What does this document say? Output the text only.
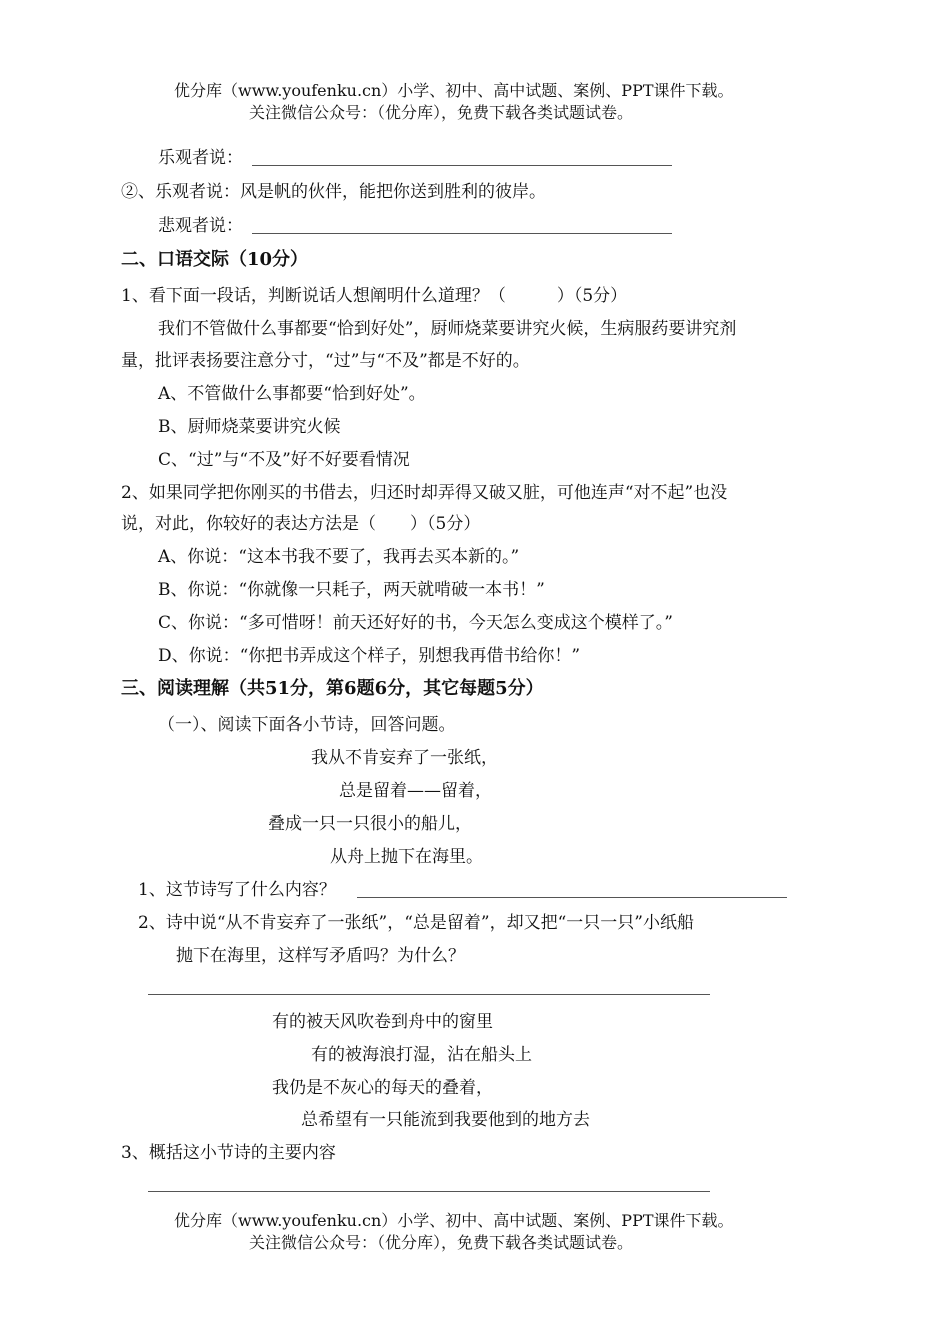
优分库（www.youfenku.cn）小学、初中、高中试题、案例、PPT课件下载。
关注微信公众号：（优分库），免费下载各类试题试卷。
乐观者说：
②、乐观者说：风是帆的伙伴，能把你送到胜利的彼岸。
悲观者说：
二、口语交际（10分）
1、看下面一段话，判断说话人想阐明什么道理？（　　　）（5分）
我们不管做什么事都要“恰到好处”，厨师烧菜要讲究火候，生病服药要讲究剂
量，批评表扬要注意分寸，“过”与“不及”都是不好的。
A、不管做什么事都要“恰到好处”。
B、厨师烧菜要讲究火候
C、“过”与“不及”好不好要看情况
2、如果同学把你刚买的书借去，归还时却弄得又破又脏，可他连声“对不起”也没
说，对此，你较好的表达方法是（　　）（5分）
A、你说：“这本书我不要了，我再去买本新的。”
B、你说：“你就像一只耗子，两天就啃破一本书！”
C、你说：“多可惜呀！前天还好好的书，今天怎么变成这个模样了。”
D、你说：“你把书弄成这个样子，别想我再借书给你！”
三、阅读理解（共51分，第6题6分，其它每题5分）
（一）、阅读下面各小节诗，回答问题。
我从不肯妄弃了一张纸，
总是留着——留着，
叠成一只一只很小的船儿，
从舟上抛下在海里。
1、这节诗写了什么内容？
2、诗中说“从不肯妄弃了一张纸”，“总是留着”，却又把“一只一只”小纸船
抛下在海里，这样写矛盾吗？为什么？
有的被天风吹卷到舟中的窗里
有的被海浪打湿，沾在船头上
我仍是不灰心的每天的叠着，
总希望有一只能流到我要他到的地方去
3、概括这小节诗的主要内容
优分库（www.youfenku.cn）小学、初中、高中试题、案例、PPT课件下载。
关注微信公众号：（优分库），免费下载各类试题试卷。
